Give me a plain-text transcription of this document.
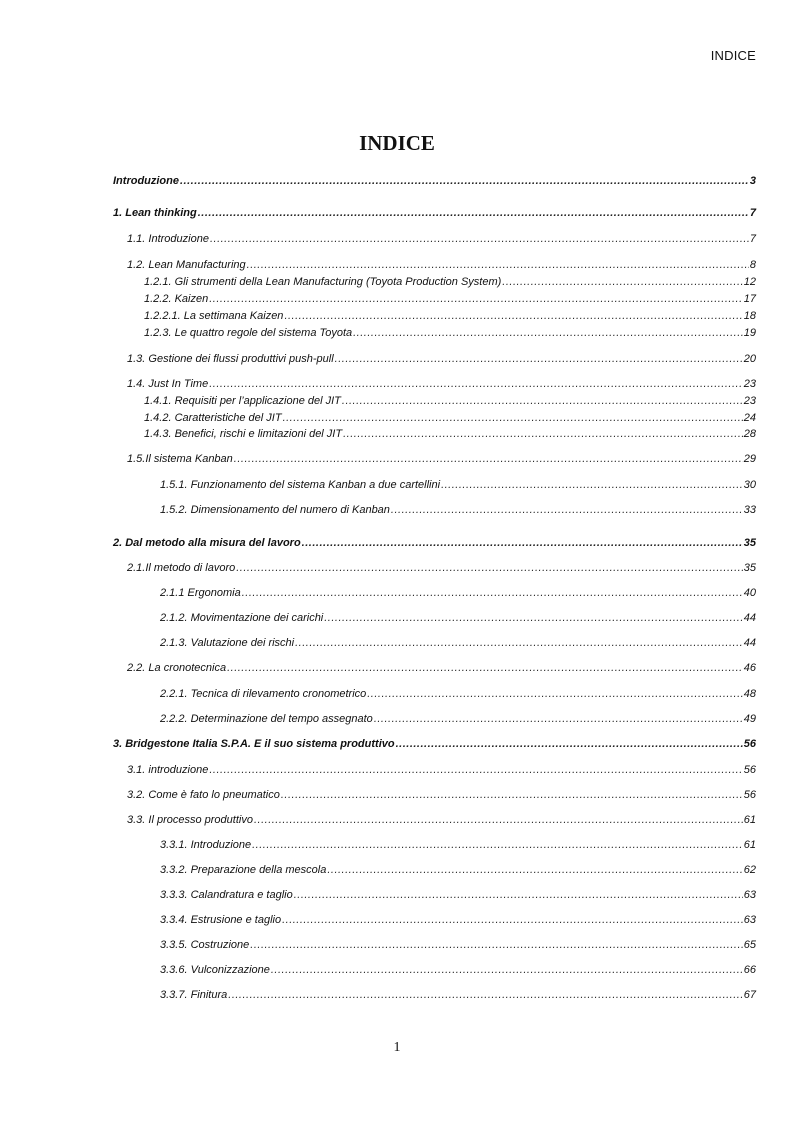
INDICE
INDICE
Introduzione .....	3
1. Lean thinking .....	7
1.1. Introduzione .....	7
1.2. Lean Manufacturing .....	8
1.2.1. Gli strumenti della Lean Manufacturing (Toyota Production System) .....	12
1.2.2. Kaizen .....	17
1.2.2.1. La settimana Kaizen .....	18
1.2.3. Le quattro regole del sistema Toyota .....	19
1.3. Gestione dei flussi produttivi push-pull .....	20
1.4. Just In Time .....	23
1.4.1. Requisiti per l’applicazione del JIT .....	23
1.4.2. Caratteristiche del JIT .....	24
1.4.3. Benefici, rischi e limitazioni del JIT .....	28
1.5.Il sistema Kanban .....	29
1.5.1. Funzionamento del sistema Kanban a due cartellini .....	30
1.5.2. Dimensionamento del numero di Kanban .....	33
2. Dal metodo alla misura del lavoro .....	35
2.1.Il metodo di lavoro .....	35
2.1.1 Ergonomia .....	40
2.1.2. Movimentazione dei carichi .....	44
2.1.3. Valutazione dei rischi .....	44
2.2. La cronotecnica .....	46
2.2.1. Tecnica di rilevamento cronometrico .....	48
2.2.2. Determinazione del tempo assegnato .....	49
3. Bridgestone Italia S.P.A. E il suo sistema produttivo .....	56
3.1. introduzione .....	56
3.2. Come è fato lo pneumatico .....	56
3.3. Il processo produttivo .....	61
3.3.1. Introduzione .....	61
3.3.2. Preparazione della mescola .....	62
3.3.3. Calandratura e taglio .....	63
3.3.4. Estrusione e taglio .....	63
3.3.5. Costruzione .....	65
3.3.6. Vulconizzazione .....	66
3.3.7. Finitura .....	67
1
